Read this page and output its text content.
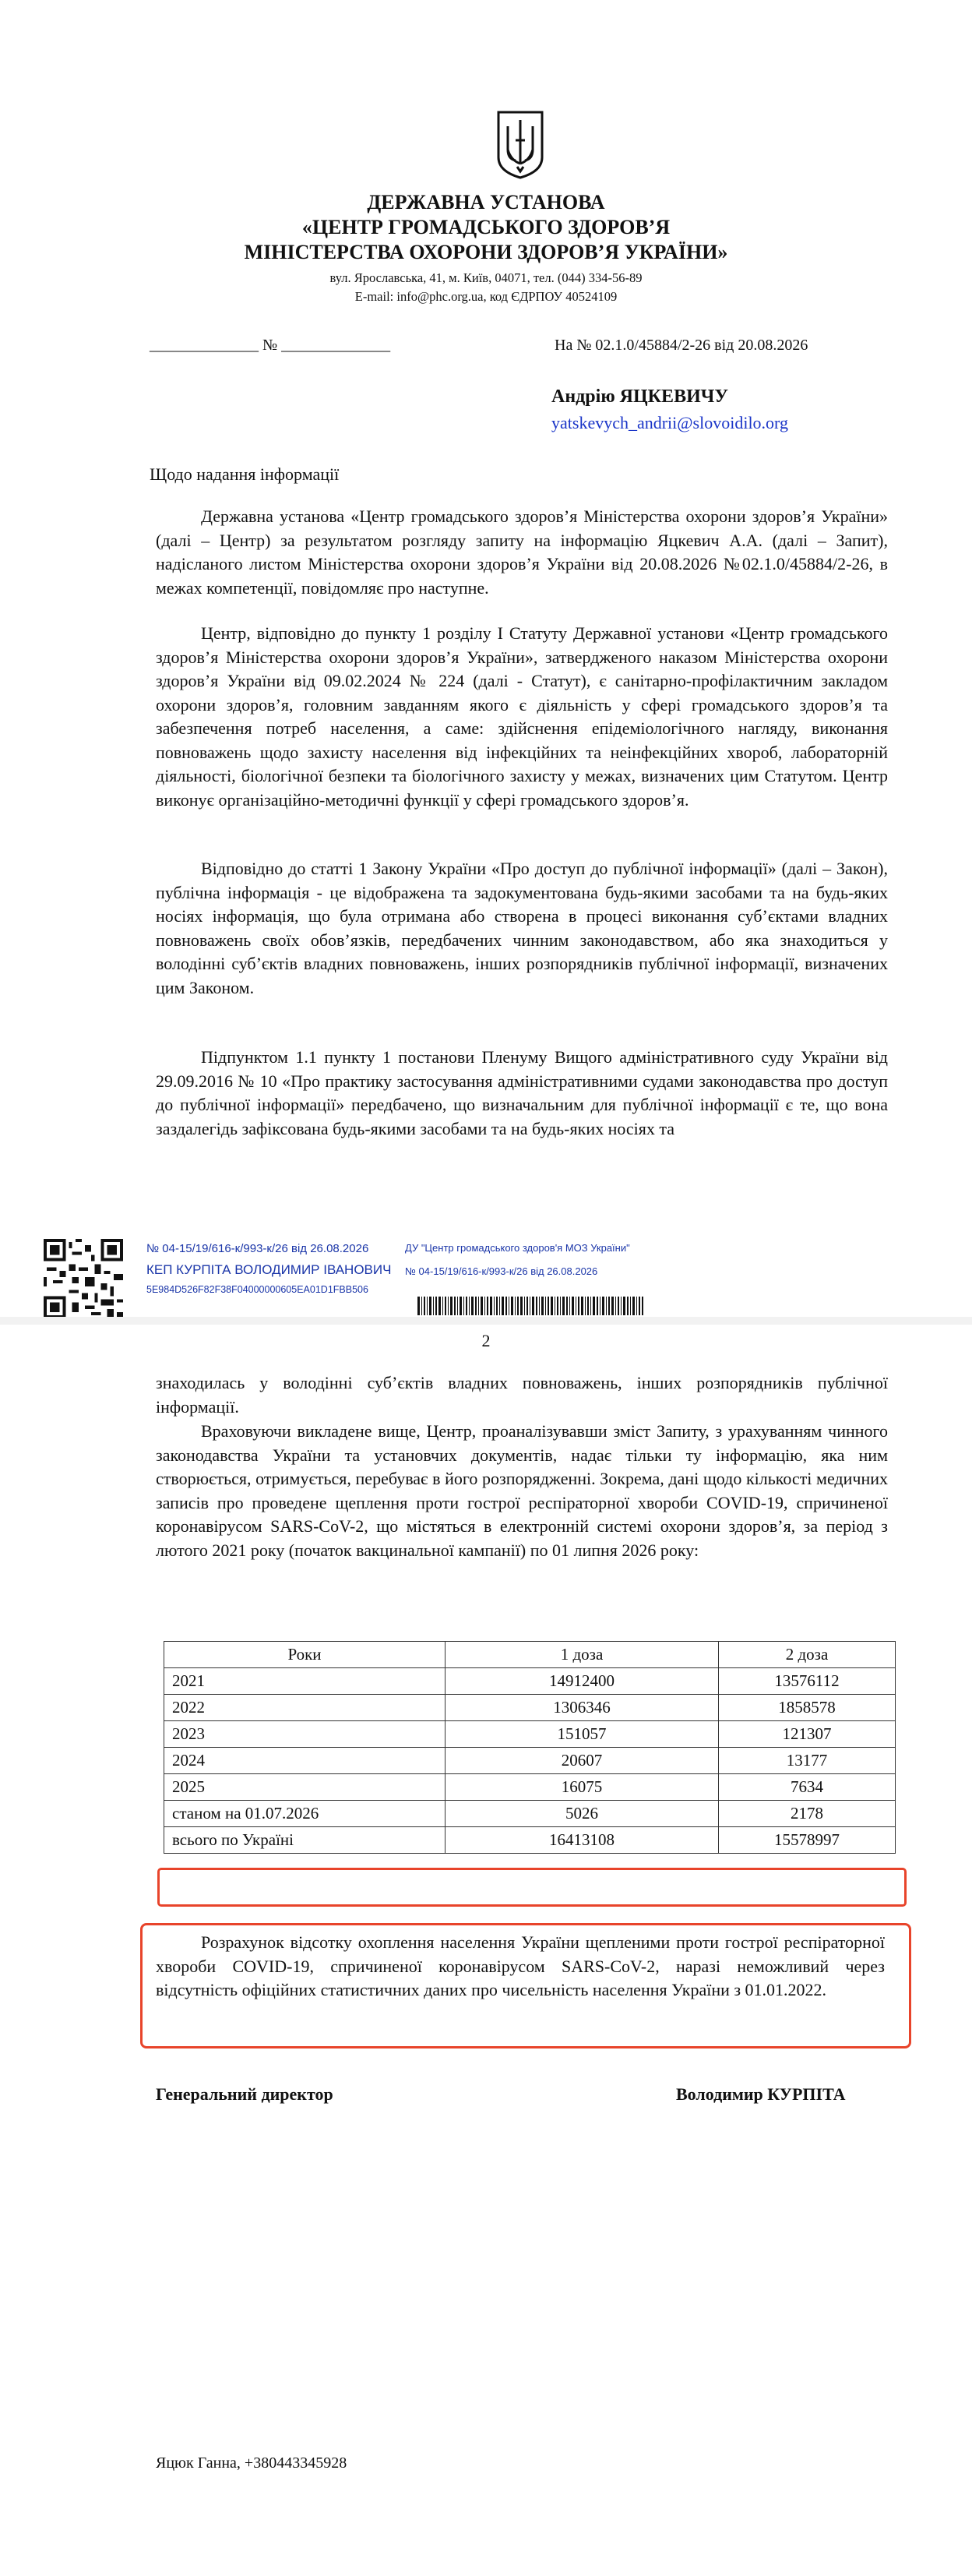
ДЕРЖАВНА УСТАНОВА
«ЦЕНТР ГРОМАДСЬКОГО ЗДОРОВ’Я
МІНІСТЕРСТВА ОХОРОНИ ЗДОРОВ’Я УКРАЇНИ»
вул. Ярославська, 41, м. Київ, 04071, тел. (044) 334-56-89
E-mail: info@phc.org.ua, код ЄДРПОУ 40524109
______________ № ______________	На № 02.1.0/45884/2-26 від 20.08.2026
Андрію ЯЦКЕВИЧУ
yatskevych_andrii@slovoidilo.org
Щодо надання інформації
Державна установа «Центр громадського здоров’я Міністерства охорони здоров’я України» (далі – Центр) за результатом розгляду запиту на інформацію Яцкевич А.А. (далі – Запит), надісланого листом Міністерства охорони здоров’я України від 20.08.2026 №02.1.0/45884/2-26, в межах компетенції, повідомляє про наступне.
Центр, відповідно до пункту 1 розділу І Статуту Державної установи «Центр громадського здоров’я Міністерства охорони здоров’я України», затвердженого наказом Міністерства охорони здоров’я України від 09.02.2024 № 224 (далі - Статут), є санітарно-профілактичним закладом охорони здоров’я, головним завданням якого є діяльність у сфері громадського здоров’я та забезпечення потреб населення, а саме: здійснення епідеміологічного нагляду, виконання повноважень щодо захисту населення від інфекційних та неінфекційних хвороб, лабораторній діяльності, біологічної безпеки та біологічного захисту у межах, визначених цим Статутом. Центр виконує організаційно-методичні функції у сфері громадського здоров’я.
Відповідно до статті 1 Закону України «Про доступ до публічної інформації» (далі – Закон), публічна інформація - це відображена та задокументована будь-якими засобами та на будь-яких носіях інформація, що була отримана або створена в процесі виконання суб’єктами владних повноважень своїх обов’язків, передбачених чинним законодавством, або яка знаходиться у володінні суб’єктів владних повноважень, інших розпорядників публічної інформації, визначених цим Законом.
Підпунктом 1.1 пункту 1 постанови Пленуму Вищого адміністративного суду України від 29.09.2016 № 10 «Про практику застосування адміністративними судами законодавства про доступ до публічної інформації» передбачено, що визначальним для публічної інформації є те, що вона заздалегідь зафіксована будь-якими засобами та на будь-яких носіях та
№ 04-15/19/616-к/993-к/26 від 26.08.2026	ДУ "Центр громадського здоров'я МОЗ України"
КЕП КУРПІТА ВОЛОДИМИР ІВАНОВИЧ № 04-15/19/616-к/993-к/26 від 26.08.2026
5E984D526F82F38F04000000605EA01D1FBB506
2
знаходилась у володінні суб’єктів владних повноважень, інших розпорядників публічної інформації.
Враховуючи викладене вище, Центр, проаналізувавши зміст Запиту, з урахуванням чинного законодавства України та установчих документів, надає тільки ту інформацію, яка ним створюється, отримується, перебуває в його розпорядженні. Зокрема, дані щодо кількості медичних записів про проведене щеплення проти гострої респіраторної хвороби COVID-19, спричиненої коронавірусом SARS-CoV-2, що містяться в електронній системі охорони здоров’я, за період з лютого 2021 року (початок вакцинальної кампанії) по 01 липня 2026 року:
Роки	1 доза	2 доза
2021	14912400	13576112
2022	1306346	1858578
2023	151057	121307
2024	20607	13177
2025	16075	7634
станом на 01.07.2026	5026	2178
всього по Україні	16413108	15578997
Розрахунок відсотку охоплення населення України щепленими проти гострої респіраторної хвороби COVID-19, спричиненої коронавірусом SARS-CoV-2, наразі неможливий через відсутність офіційних статистичних даних про чисельність населення України з 01.01.2022.
Генеральний директор	Володимир КУРПІТА
Яцюк Ганна, +380443345928
